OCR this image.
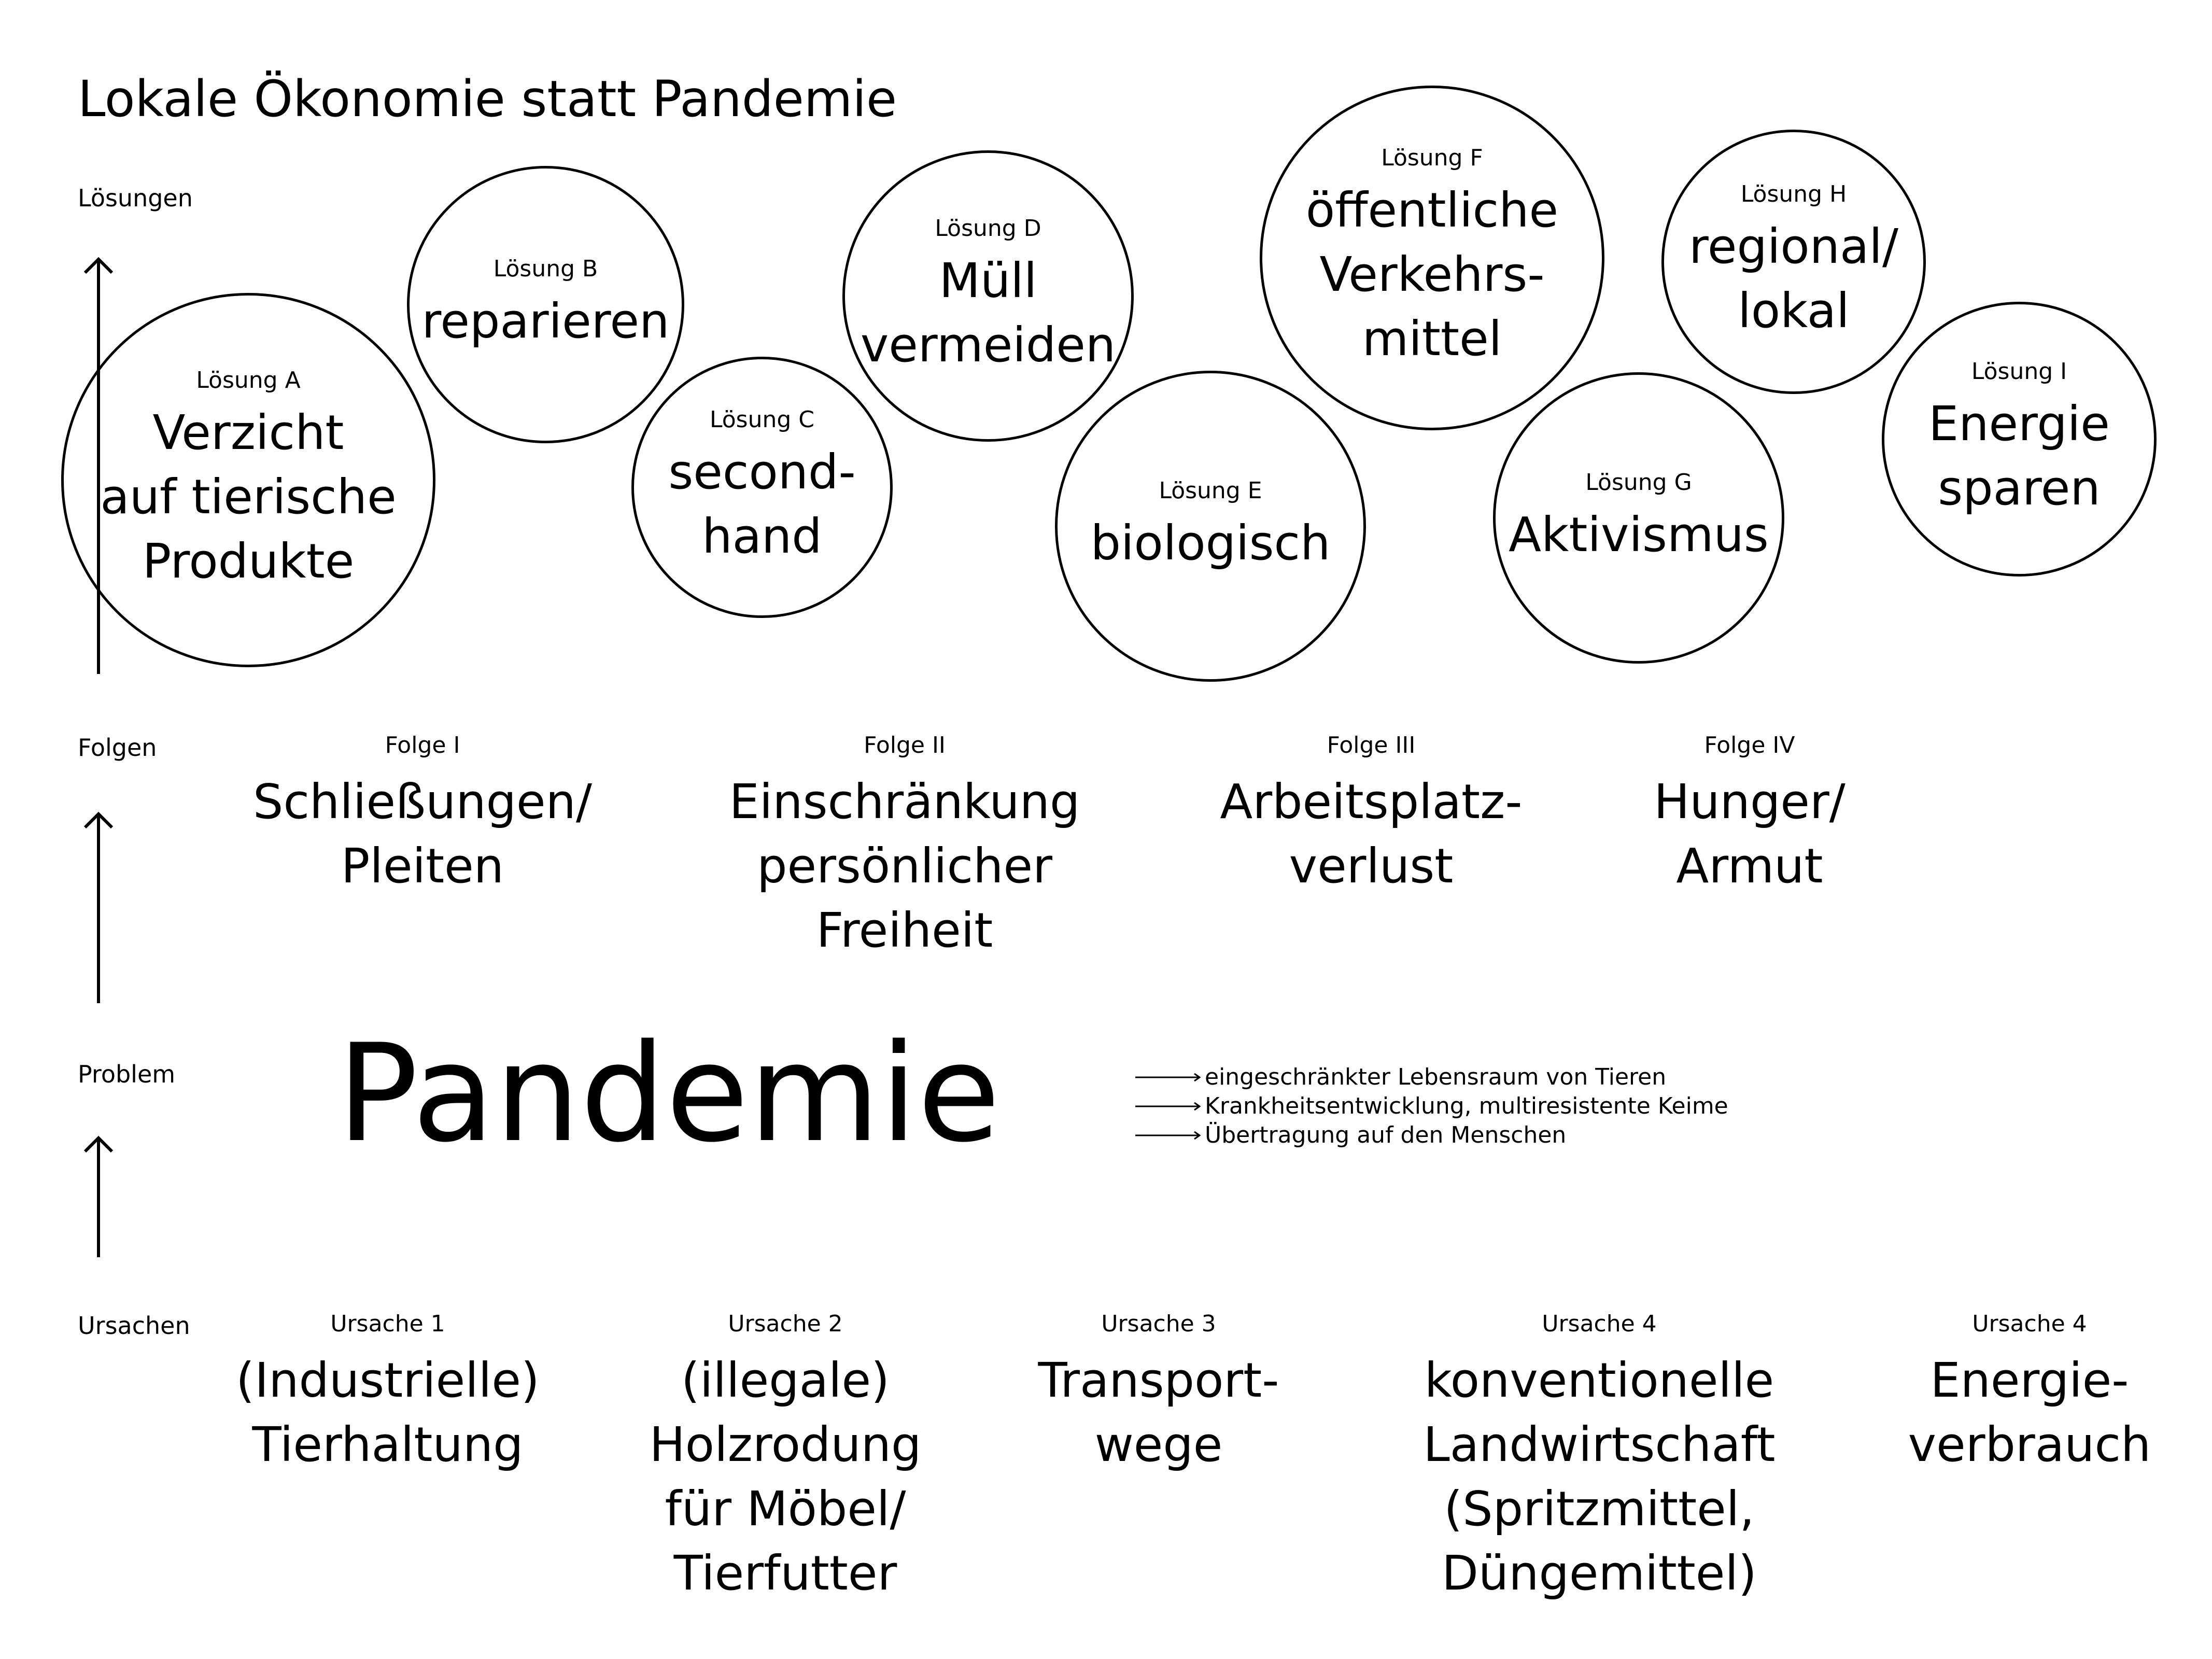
Lokale Ökonomie statt Pandemie
Lösungen
Folgen
Problem
Ursachen
Lösung A
Verzicht
auf tierische
Produkte
Lösung B
reparieren
Lösung C
second-
hand
Lösung D
Müll
vermeiden
Lösung E
biologisch
Lösung F
öffentliche
Verkehrs-
mittel
Lösung G
Aktivismus
Lösung H
regional/
lokal
Lösung I
Energie
sparen
Folge I
Schließungen/
Pleiten
Folge II
Einschränkung
persönlicher
Freiheit
Folge III
Arbeitsplatz-
verlust
Folge IV
Hunger/
Armut
Pandemie	eingeschränkter Lebensraum von Tieren
Krankheitsentwicklung, multiresistente Keime
Übertragung auf den Menschen
Ursache 1
(Industrielle)
Tierhaltung
Ursache 2
(illegale)
Holzrodung
für Möbel/
Tierfutter
Ursache 3
Transport-
wege
Ursache 4
konventionelle
Landwirtschaft
(Spritzmittel,
Düngemittel)
Ursache 4
Energie-
verbrauch
